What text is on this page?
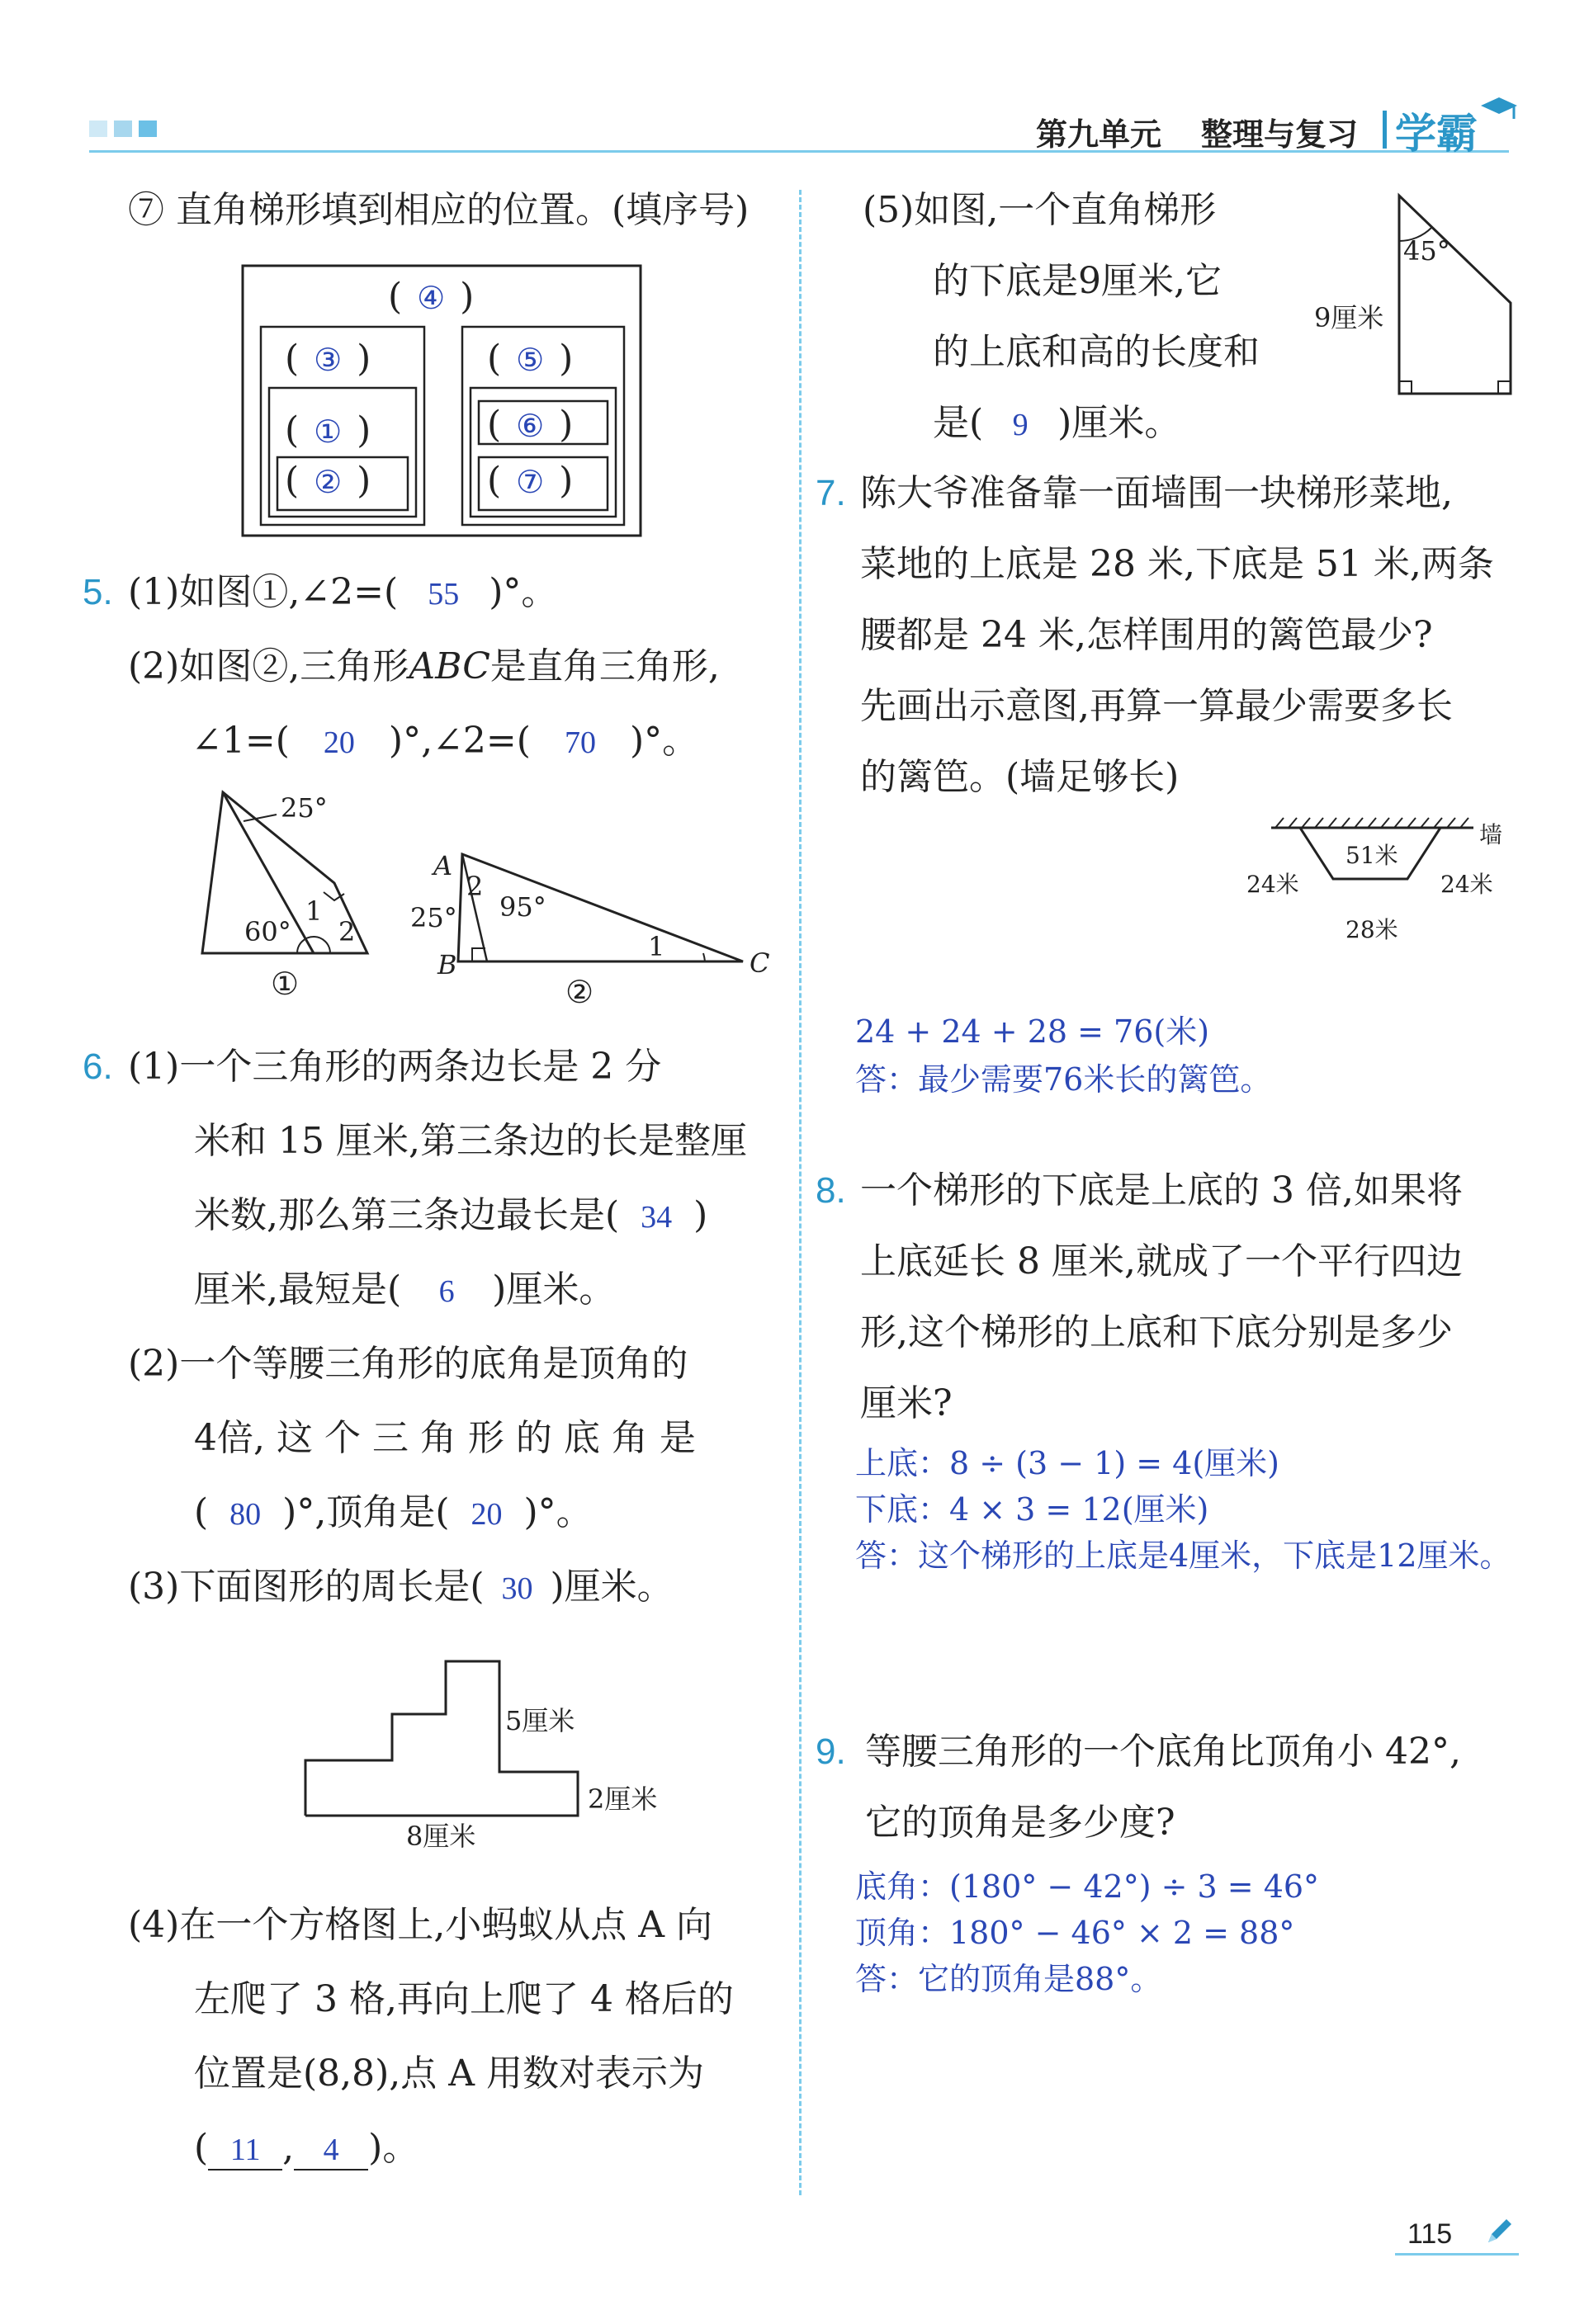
第九单元 整理与复习 学霸
⑦ 直角梯形填到相应的位置。(填序号)
( ④ )
( ③ )
( ① )
( ② )
( ⑤ )
( ⑥ )
( ⑦ )
5. (1)如图①,∠2=( 55 )°。
(2)如图②,三角形ABC是直角三角形,
∠1=( 20 )°,∠2=( 70 )°。
25°
60°
1
2
①
A
B	C
2
95°
25°
1
②
6. (1)一个三角形的两条边长是 2 分
米和 15 厘米,第三条边的长是整厘
米数,那么第三条边最长是( 34 )
厘米,最短是( 6 )厘米。
(2)一个等腰三角形的底角是顶角的
4倍, 这 个 三 角 形 的 底 角 是
( 80 )°,顶角是( 20 )°。
(3)下面图形的周长是( 30 )厘米。
5厘米
2厘米
8厘米
(4)在一个方格图上,小蚂蚁从点 A 向
左爬了 3 格,再向上爬了 4 格后的
位置是(8,8),点 A 用数对表示为
( 11 , 4 )。
(5)如图,一个直角梯形
的下底是9厘米,它
的上底和高的长度和
是( 9 )厘米。
45°
9厘米
7. 陈大爷准备靠一面墙围一块梯形菜地,
菜地的上底是 28 米,下底是 51 米,两条
腰都是 24 米,怎样围用的篱笆最少?
先画出示意图,再算一算最少需要多长
的篱笆。(墙足够长)
墙
51米
24米	24米
28米
24 + 24 + 28 = 76(米)
答：最少需要76米长的篱笆。
8. 一个梯形的下底是上底的 3 倍,如果将
上底延长 8 厘米,就成了一个平行四边
形,这个梯形的上底和下底分别是多少
厘米?
上底：8 ÷ (3 − 1) = 4(厘米)
下底：4 × 3 = 12(厘米)
答：这个梯形的上底是4厘米，下底是12厘米。
9. 等腰三角形的一个底角比顶角小 42°,
它的顶角是多少度?
底角：(180° − 42°) ÷ 3 = 46°
顶角：180° − 46° × 2 = 88°
答：它的顶角是88°。
115
